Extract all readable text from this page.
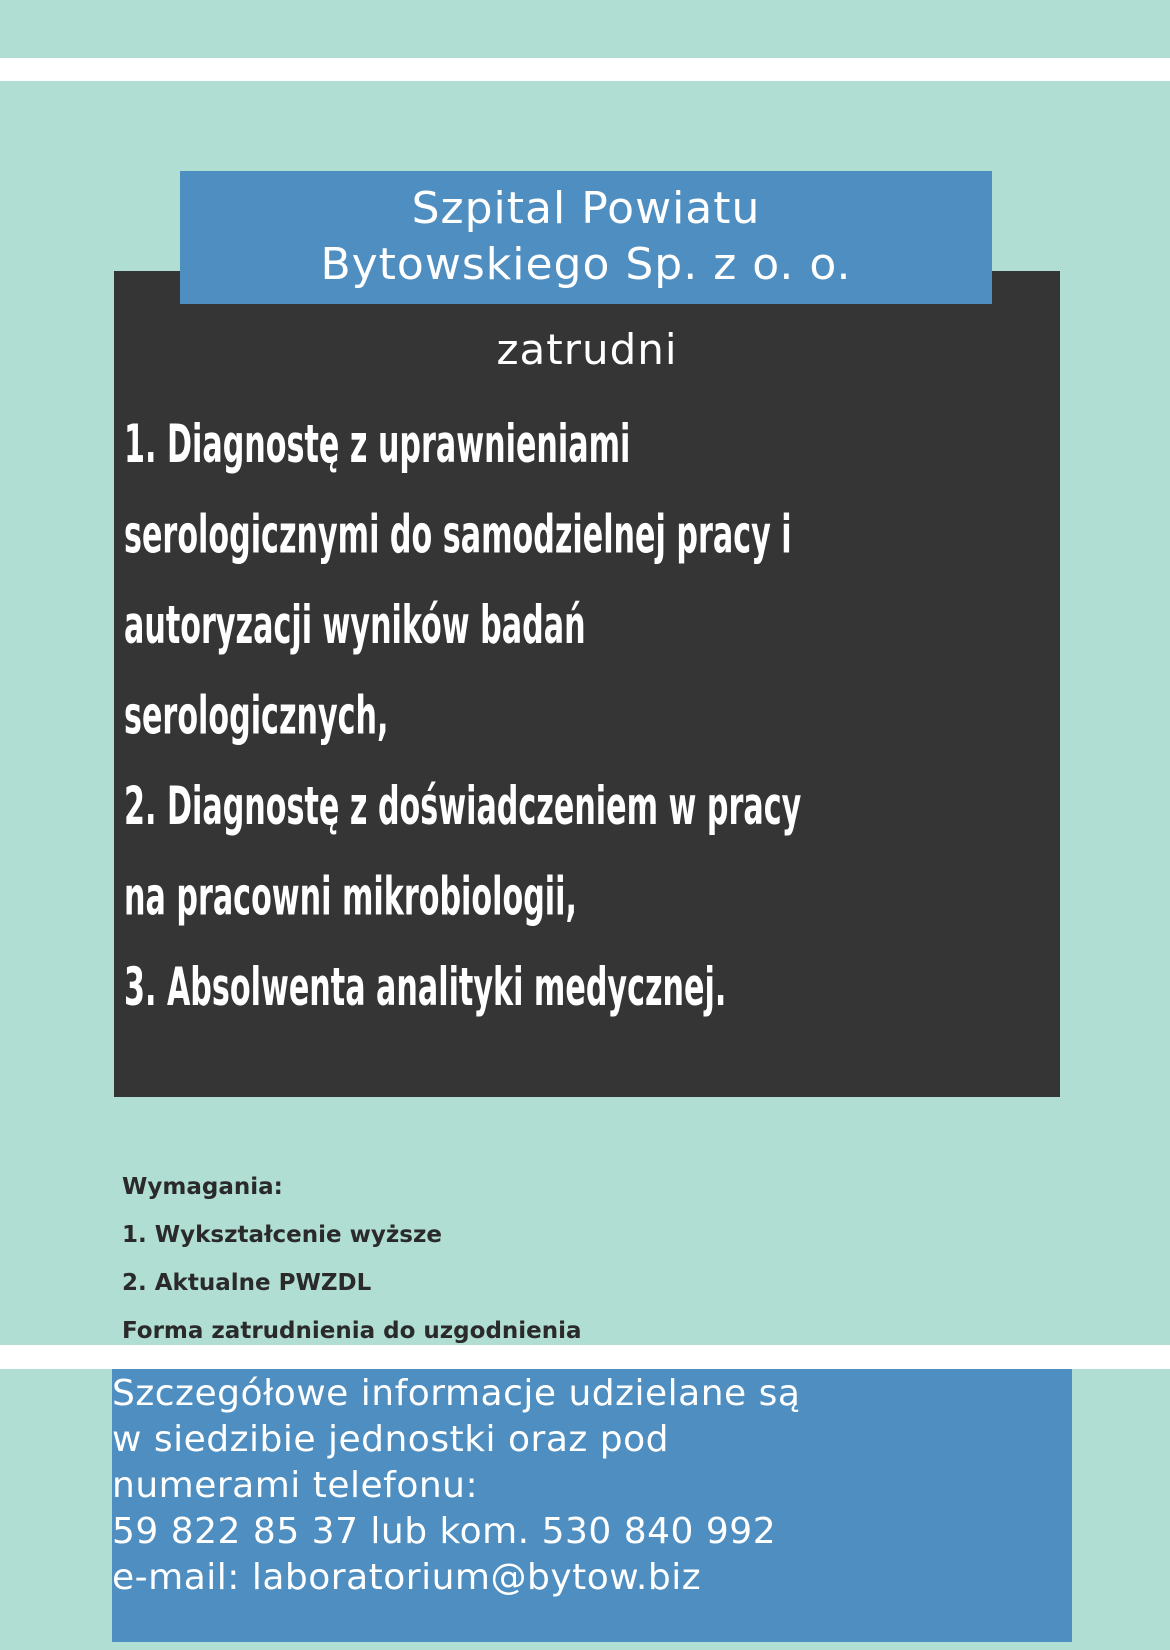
Szpital Powiatu
Bytowskiego Sp. z o. o.
zatrudni
1. Diagnostę z uprawnieniami
serologicznymi do samodzielnej pracy i
autoryzacji wyników badań
serologicznych,
2. Diagnostę z doświadczeniem w pracy
na pracowni mikrobiologii,
3. Absolwenta analityki medycznej.
Wymagania:
1. Wykształcenie wyższe
2. Aktualne PWZDL
Forma zatrudnienia do uzgodnienia
Szczegółowe informacje udzielane są
w siedzibie jednostki oraz pod
numerami telefonu:
59 822 85 37 lub kom. 530 840 992
e-mail: laboratorium@bytow.biz
